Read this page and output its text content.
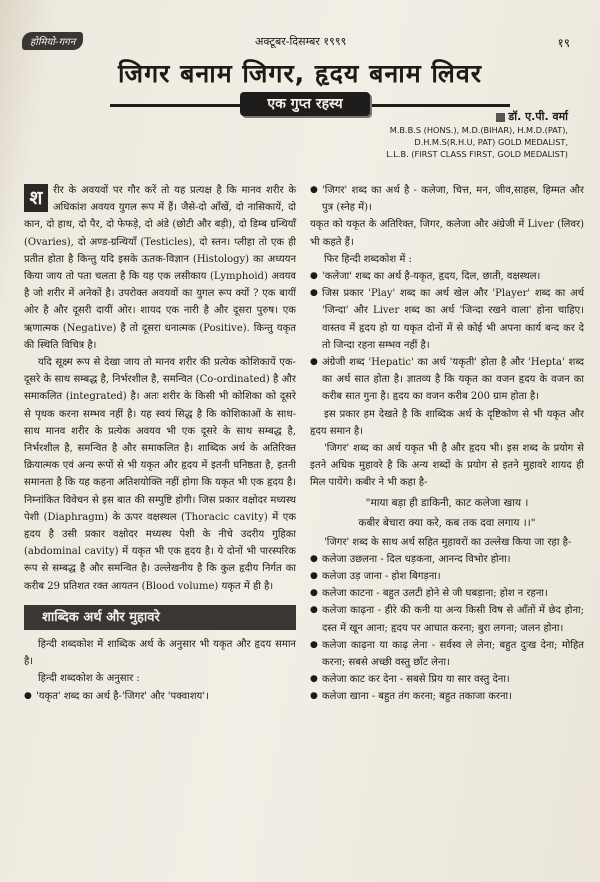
होमियो-गगन	अक्टूबर-दिसम्बर १९९९	१९
जिगर बनाम जिगर, हृदय बनाम लिवर
एक गुप्त रहस्य
डॉ. ए.पी. वर्मा
M.B.B.S (HONS.), M.D.(BIHAR), H.M.D.(PAT),
D.H.M.S(R.H.U, PAT) GOLD MEDALIST,
L.L.B. (FIRST CLASS FIRST, GOLD MEDALIST)

श	रीर के अवयवों पर गौर करें तो यह प्रत्यक्ष है कि मानव शरीर के अधिकांश अवयव युगल रूप में हैं। जैसे-दो आँखें, दो नासिकायें, दो कान, दो हाथ, दो पैर, दो फेफड़े, दो अंडे (छोटी और बड़ी), दो डिम्ब ग्रन्थियाँ (Ovaries), दो अण्ड-ग्रन्थियाँ (Testicles), दो स्तन। प्लीहा तो एक ही प्रतीत होता है किन्तु यदि इसके ऊतक-विज्ञान (Histology) का अध्ययन किया जाय तो पता चलता है कि यह एक लसीकाय (Lymphoid) अवयव है जो शरीर में अनेकों है। उपरोक्त अवयवों का युगल रूप क्यों ? एक बायीं ओर है और दूसरी दायीं ओर। शायद एक नारी है और दूसरा पुरुष। एक ऋणात्मक (Negative) है तो दूसरा धनात्मक (Positive). किन्तु यकृत की स्थिति विचित्र है।

यदि सूक्ष्म रूप से देखा जाय तो मानव शरीर की प्रत्येक कोशिकायें एक-दूसरे के साथ सम्बद्ध है, निर्भरशील है, समन्वित (Co-ordinated) है और समाकलित (integrated) है। अतः शरीर के किसी भी कोशिका को दूसरे से पृथक करना सम्भव नहीं है। यह स्वयं सिद्ध है कि कोशिकाओं के साथ-साथ मानव शरीर के प्रत्येक अवयव भी एक दूसरे के साथ सम्बद्ध है, निर्भरशील है, समन्वित है और समाकलित है। शाब्दिक अर्थ के अतिरिक्त क्रियात्मक एवं अन्य रूपों से भी यकृत और हृदय में इतनी घनिष्ठता है, इतनी समानता है कि यह कहना अतिशयोक्ति नहीं होगा कि यकृत भी एक हृदय है। निम्नांकित विवेचन से इस बात की सम्पुष्टि होगी। जिस प्रकार वक्षोदर मध्यस्थ पेशी (Diaphragm) के ऊपर वक्षस्थल (Thoracic cavity) में एक हृदय है उसी प्रकार वक्षोदर मध्यस्थ पेशी के नीचे उदरीय गुहिका (abdominal cavity) में यकृत भी एक हृदय है। ये दोनों भी पारस्परिक रूप से सम्बद्ध है और समन्वित है। उल्लेखनीय है कि कुल हृदीय निर्गत का करीब 29 प्रतिशत रक्त आयतन (Blood volume) यकृत में ही है।

शाब्दिक अर्थ और मुहावरे

हिन्दी शब्दकोश में शाब्दिक अर्थ के अनुसार भी यकृत और हृदय समान है।

हिन्दी शब्दकोश के अनुसार :

● 'यकृत' शब्द का अर्थ है-'जिगर' और 'पक्वाशय'।
● 'जिगर' शब्द का अर्थ है - कलेजा, चित्त, मन, जीव,साहस, हिम्मत और पुत्र (स्नेह में)।

यकृत को यकृत के अतिरिक्त, जिगर, कलेजा और अंग्रेजी में Liver (लिवर) भी कहते हैं।

फिर हिन्दी शब्दकोश में :

● 'कलेजा' शब्द का अर्थ है-यकृत, हृदय, दिल, छाती, वक्षस्थल।
● जिस प्रकार 'Play' शब्द का अर्थ खेल और 'Player' शब्द का अर्थ 'जिन्दा' और Liver शब्द का अर्थ 'जिन्दा रखने वाला' होना चाहिए। वास्तव में हृदय हो या यकृत दोनों में से कोई भी अपना कार्य बन्द कर दे तो जिन्दा रहना सम्भव नहीं है।
● अंग्रेजी शब्द 'Hepatic' का अर्थ 'यकृती' होता है और 'Hepta' शब्द का अर्थ सात होता है। ज्ञातव्य है कि यकृत का वजन हृदय के वजन का करीब सात गुना है। हृदय का वजन करीब 200 ग्राम होता है।

इस प्रकार हम देखते है कि शाब्दिक अर्थ के दृष्टिकोण से भी यकृत और हृदय समान है।

'जिगर' शब्द का अर्थ यकृत भी है और हृदय भी। इस शब्द के प्रयोग से इतने अधिक मुहावरे है कि अन्य शब्दों के प्रयोग से इतने मुहावरे शायद ही मिल पायेंगे। कबीर ने भी कहा है-

"माया बड़ा ही डाकिनी, काट कलेजा खाय ।
कबीर बेचारा क्या करे, कब तक दवा लगाय ।।"

'जिगर' शब्द के साथ अर्थ सहित मुहावरों का उल्लेख किया जा रहा है-

● कलेजा उछलना - दिल धड़कना, आनन्द विभोर होना।
● कलेजा उड़ जाना - होश बिगड़ना।
● कलेजा काटना - बहुत उलटी होने से जी घबड़ाना; होश न रहना।
● कलेजा काढ़ना - हीरे की कनी या अन्य किसी विष से आँतों में छेद होना; दस्त में खून आना; हृदय पर आघात करना; बुरा लगना; जलन होना।
● कलेजा काढ़ना या काढ़ लेना - सर्वस्व ले लेना; बहुत दुःख देना; मोहित करना; सबसे अच्छी वस्तु छाँट लेना।
● कलेजा काट कर देना - सबसे प्रिय या सार वस्तु देना।
● कलेजा खाना - बहुत तंग करना; बहुत तकाजा करना।
